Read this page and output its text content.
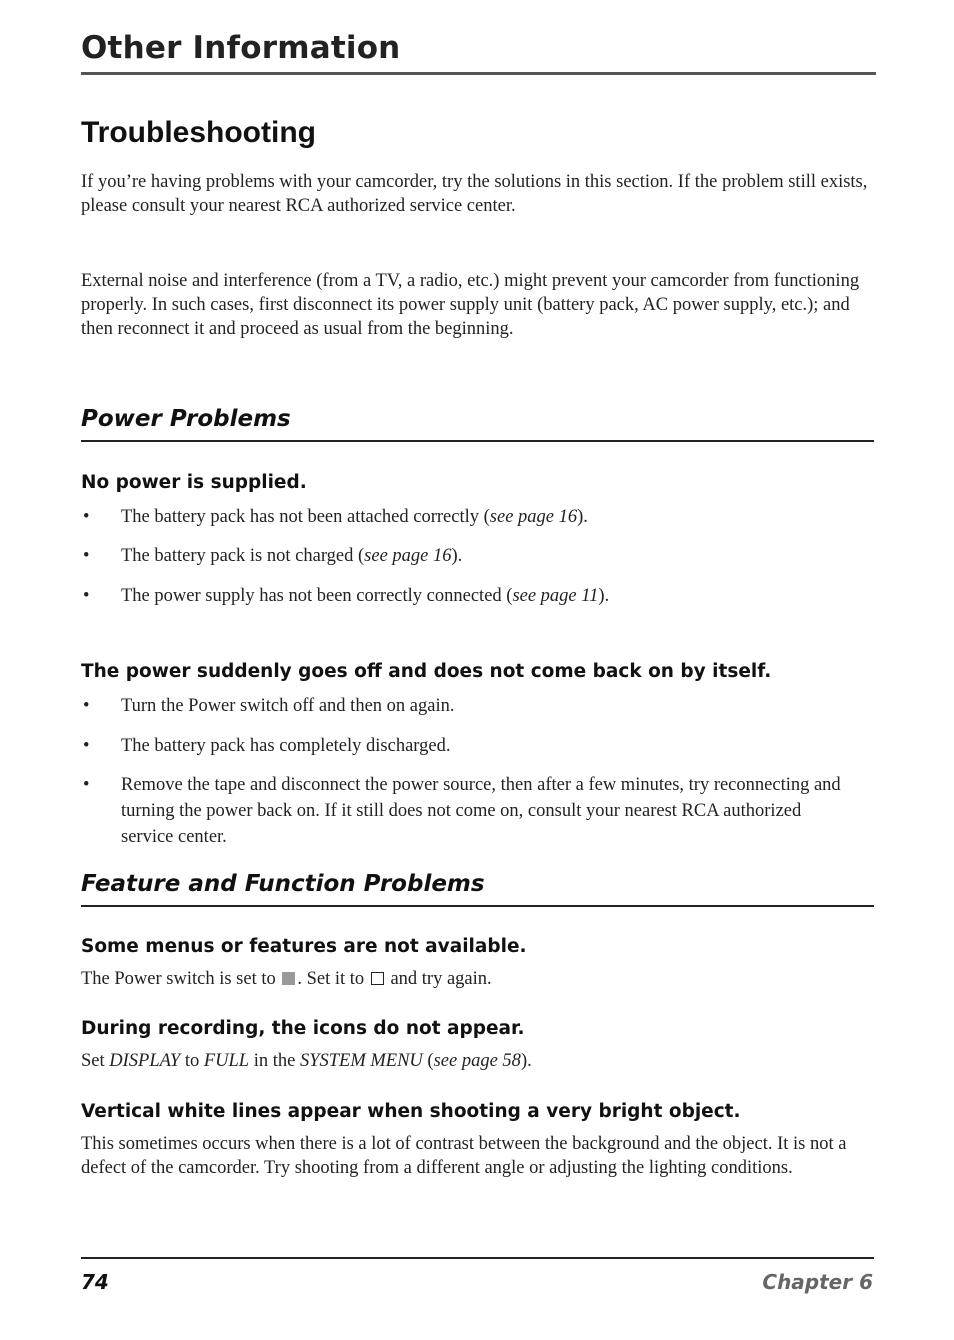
Other Information
Troubleshooting

If you’re having problems with your camcorder, try the solutions in this section. If the problem still exists, please consult your nearest RCA authorized service center.

External noise and interference (from a TV, a radio, etc.) might prevent your camcorder from functioning properly. In such cases, first disconnect its power supply unit (battery pack, AC power supply, etc.); and then reconnect it and proceed as usual from the beginning.

Power Problems
No power is supplied.
• The battery pack has not been attached correctly (see page 16).
• The battery pack is not charged (see page 16).
• The power supply has not been correctly connected (see page 11).
The power suddenly goes off and does not come back on by itself.
• Turn the Power switch off and then on again.
• The battery pack has completely discharged.
• Remove the tape and disconnect the power source, then after a few minutes, try reconnecting and turning the power back on. If it still does not come on, consult your nearest RCA authorized service center.
Feature and Function Problems
Some menus or features are not available.

The Power switch is set to . Set it to and try again.

During recording, the icons do not appear.

Set DISPLAY to FULL in the SYSTEM MENU (see page 58).

Vertical white lines appear when shooting a very bright object.

This sometimes occurs when there is a lot of contrast between the background and the object. It is not a defect of the camcorder. Try shooting from a different angle or adjusting the lighting conditions.

74	Chapter 6
